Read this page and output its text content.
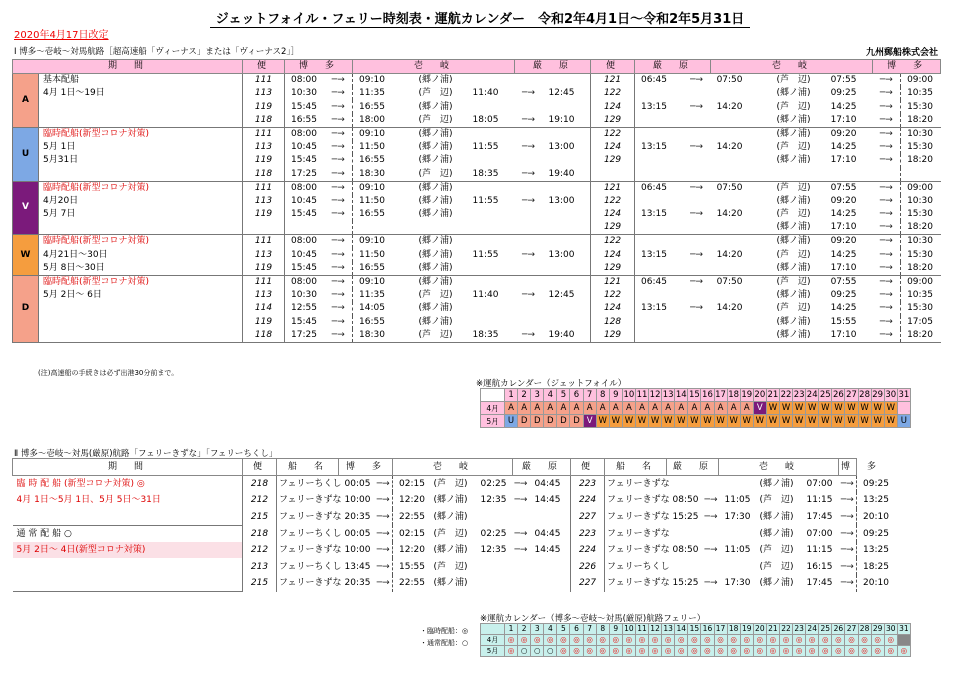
ジェットフォイル・フェリー時刻表・運航カレンダー　令和2年4月1日～令和2年5月31日
2020年4月17日改定
Ⅰ 博多～壱岐～対馬航路［超高速船「ヴィーナス」または「ヴィーナス2」］	九州郵船株式会社
期　間		便	博　多		壱　岐			厳　原		便	厳　原		壱　岐			博　多	
A	基本配船	111	08:00	─→	09:10	(郷ノ浦)				121	06:45	─→	07:50	(芦　辺)	07:55	─→	09:00
	4月 1日～19日	113	10:30	─→	11:35	(芦　辺)	11:40	─→	12:45	122				(郷ノ浦)	09:25	─→	10:35
		119	15:45	─→	16:55	(郷ノ浦)				124	13:15	─→	14:20	(芦　辺)	14:25	─→	15:30
		118	16:55	─→	18:00	(芦　辺)	18:05	─→	19:10	129				(郷ノ浦)	17:10	─→	18:20
U	臨時配船(新型コロナ対策)	111	08:00	─→	09:10	(郷ノ浦)				122				(郷ノ浦)	09:20	─→	10:30
	5月 1日	113	10:45	─→	11:50	(郷ノ浦)	11:55	─→	13:00	124	13:15	─→	14:20	(芦　辺)	14:25	─→	15:30
	5月31日	119	15:45	─→	16:55	(郷ノ浦)				129				(郷ノ浦)	17:10	─→	18:20
		118	17:25	─→	18:30	(芦　辺)	18:35	─→	19:40								
V	臨時配船(新型コロナ対策)	111	08:00	─→	09:10	(郷ノ浦)				121	06:45	─→	07:50	(芦　辺)	07:55	─→	09:00
	4月20日	113	10:45	─→	11:50	(郷ノ浦)	11:55	─→	13:00	122				(郷ノ浦)	09:20	─→	10:30
	5月 7日	119	15:45	─→	16:55	(郷ノ浦)				124	13:15	─→	14:20	(芦　辺)	14:25	─→	15:30
										129				(郷ノ浦)	17:10	─→	18:20
W	臨時配船(新型コロナ対策)	111	08:00	─→	09:10	(郷ノ浦)				122				(郷ノ浦)	09:20	─→	10:30
	4月21日～30日	113	10:45	─→	11:50	(郷ノ浦)	11:55	─→	13:00	124	13:15	─→	14:20	(芦　辺)	14:25	─→	15:30
	5月 8日～30日	119	15:45	─→	16:55	(郷ノ浦)				129				(郷ノ浦)	17:10	─→	18:20
D	臨時配船(新型コロナ対策)	111	08:00	─→	09:10	(郷ノ浦)				121	06:45	─→	07:50	(芦　辺)	07:55	─→	09:00
	5月 2日～ 6日	113	10:30	─→	11:35	(芦　辺)	11:40	─→	12:45	122				(郷ノ浦)	09:25	─→	10:35
		114	12:55	─→	14:05	(郷ノ浦)				124	13:15	─→	14:20	(芦　辺)	14:25	─→	15:30
		119	15:45	─→	16:55	(郷ノ浦)				128				(郷ノ浦)	15:55	─→	17:05
		118	17:25	─→	18:30	(芦　辺)	18:35	─→	19:40	129				(郷ノ浦)	17:10	─→	18:20
(注)高速船の手続きは必ず出港30分前まで。
※運航カレンダー（ジェットフォイル）
	1	2	3	4	5	6	7	8	9	10	11	12	13	14	15	16	17	18	19	20	21	22	23	24	25	26	27	28	29	30	31
4月	A	A	A	A	A	A	A	A	A	A	A	A	A	A	A	A	A	A	A	V	W	W	W	W	W	W	W	W	W	W	
5月	U	D	D	D	D	D	V	W	W	W	W	W	W	W	W	W	W	W	W	W	W	W	W	W	W	W	W	W	W	W	U
Ⅱ 博多～壱岐～対馬(厳原)航路「フェリーきずな」「フェリーちくし」
期　間	便	船　名	博　多		壱　岐			厳　原		便	船　名	厳　原		壱　岐			博　多	
臨 時 配 船 (新型コロナ対策) ◎	218	フェリーちくし	00:05	─→	02:15	(芦　辺)	02:25	─→	04:45	223	フェリーきずな				(郷ノ浦)	07:00	─→	09:25
4月 1日～5月 1日、5月 5日～31日	212	フェリーきずな	10:00	─→	12:20	(郷ノ浦)	12:35	─→	14:45	224	フェリーきずな	08:50	─→	11:05	(芦　辺)	11:15	─→	13:25
	215	フェリーきずな	20:35	─→	22:55	(郷ノ浦)				227	フェリーきずな	15:25	─→	17:30	(郷ノ浦)	17:45	─→	20:10
通 常 配 船 ○	218	フェリーちくし	00:05	─→	02:15	(芦　辺)	02:25	─→	04:45	223	フェリーきずな				(郷ノ浦)	07:00	─→	09:25
5月 2日～ 4日(新型コロナ対策)	212	フェリーきずな	10:00	─→	12:20	(郷ノ浦)	12:35	─→	14:45	224	フェリーきずな	08:50	─→	11:05	(芦　辺)	11:15	─→	13:25
	213	フェリーちくし	13:45	─→	15:55	(芦　辺)				226	フェリーちくし				(芦　辺)	16:15	─→	18:25
	215	フェリーきずな	20:35	─→	22:55	(郷ノ浦)				227	フェリーきずな	15:25	─→	17:30	(郷ノ浦)	17:45	─→	20:10
※運航カレンダー（博多～壱岐～対馬(厳原)航路フェリー）
・臨時配船：◎
・通常配船：○
	1	2	3	4	5	6	7	8	9	10	11	12	13	14	15	16	17	18	19	20	21	22	23	24	25	26	27	28	29	30	31
4月	◎	◎	◎	◎	◎	◎	◎	◎	◎	◎	◎	◎	◎	◎	◎	◎	◎	◎	◎	◎	◎	◎	◎	◎	◎	◎	◎	◎	◎	◎	
5月	◎	○	○	○	◎	◎	◎	◎	◎	◎	◎	◎	◎	◎	◎	◎	◎	◎	◎	◎	◎	◎	◎	◎	◎	◎	◎	◎	◎	◎	◎
